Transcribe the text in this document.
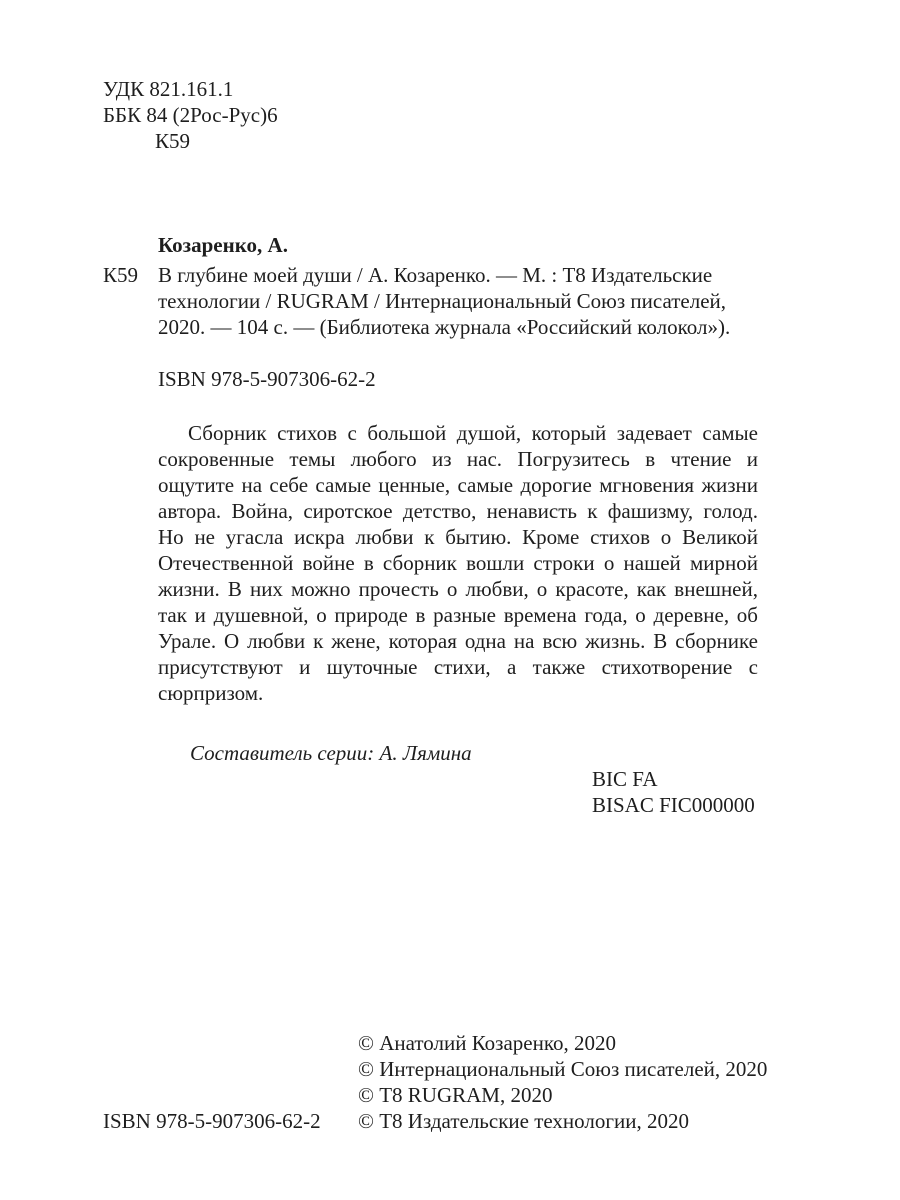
УДК 821.161.1
ББК 84 (2Рос-Рус)6
К59
Козаренко, А.
К59 В глубине моей души / А. Козаренко. — М. : Т8 Издательские
технологии / RUGRAM / Интернациональный Союз писателей,
2020. — 104 с. — (Библиотека журнала «Российский колокол»).
ISBN 978-5-907306-62-2
Сборник стихов с большой душой, который задевает самые
сокровенные темы любого из нас. Погрузитесь в чтение и
ощутите на себе самые ценные, самые дорогие мгновения жизни
автора. Война, сиротское детство, ненависть к фашизму, голод.
Но не угасла искра любви к бытию. Кроме стихов о Великой
Отечественной войне в сборник вошли строки о нашей мирной
жизни. В них можно прочесть о любви, о красоте, как внешней,
так и душевной, о природе в разные времена года, о деревне, об
Урале. О любви к жене, которая одна на всю жизнь. В сборнике
присутствуют и шуточные стихи, а также стихотворение с
сюрпризом.
Составитель серии: А. Лямина
BIC FA
BISAC FIC000000
© Анатолий Козаренко, 2020
© Интернациональный Союз писателей, 2020
© Т8 RUGRAM, 2020
© Т8 Издательские технологии, 2020
ISBN 978-5-907306-62-2
